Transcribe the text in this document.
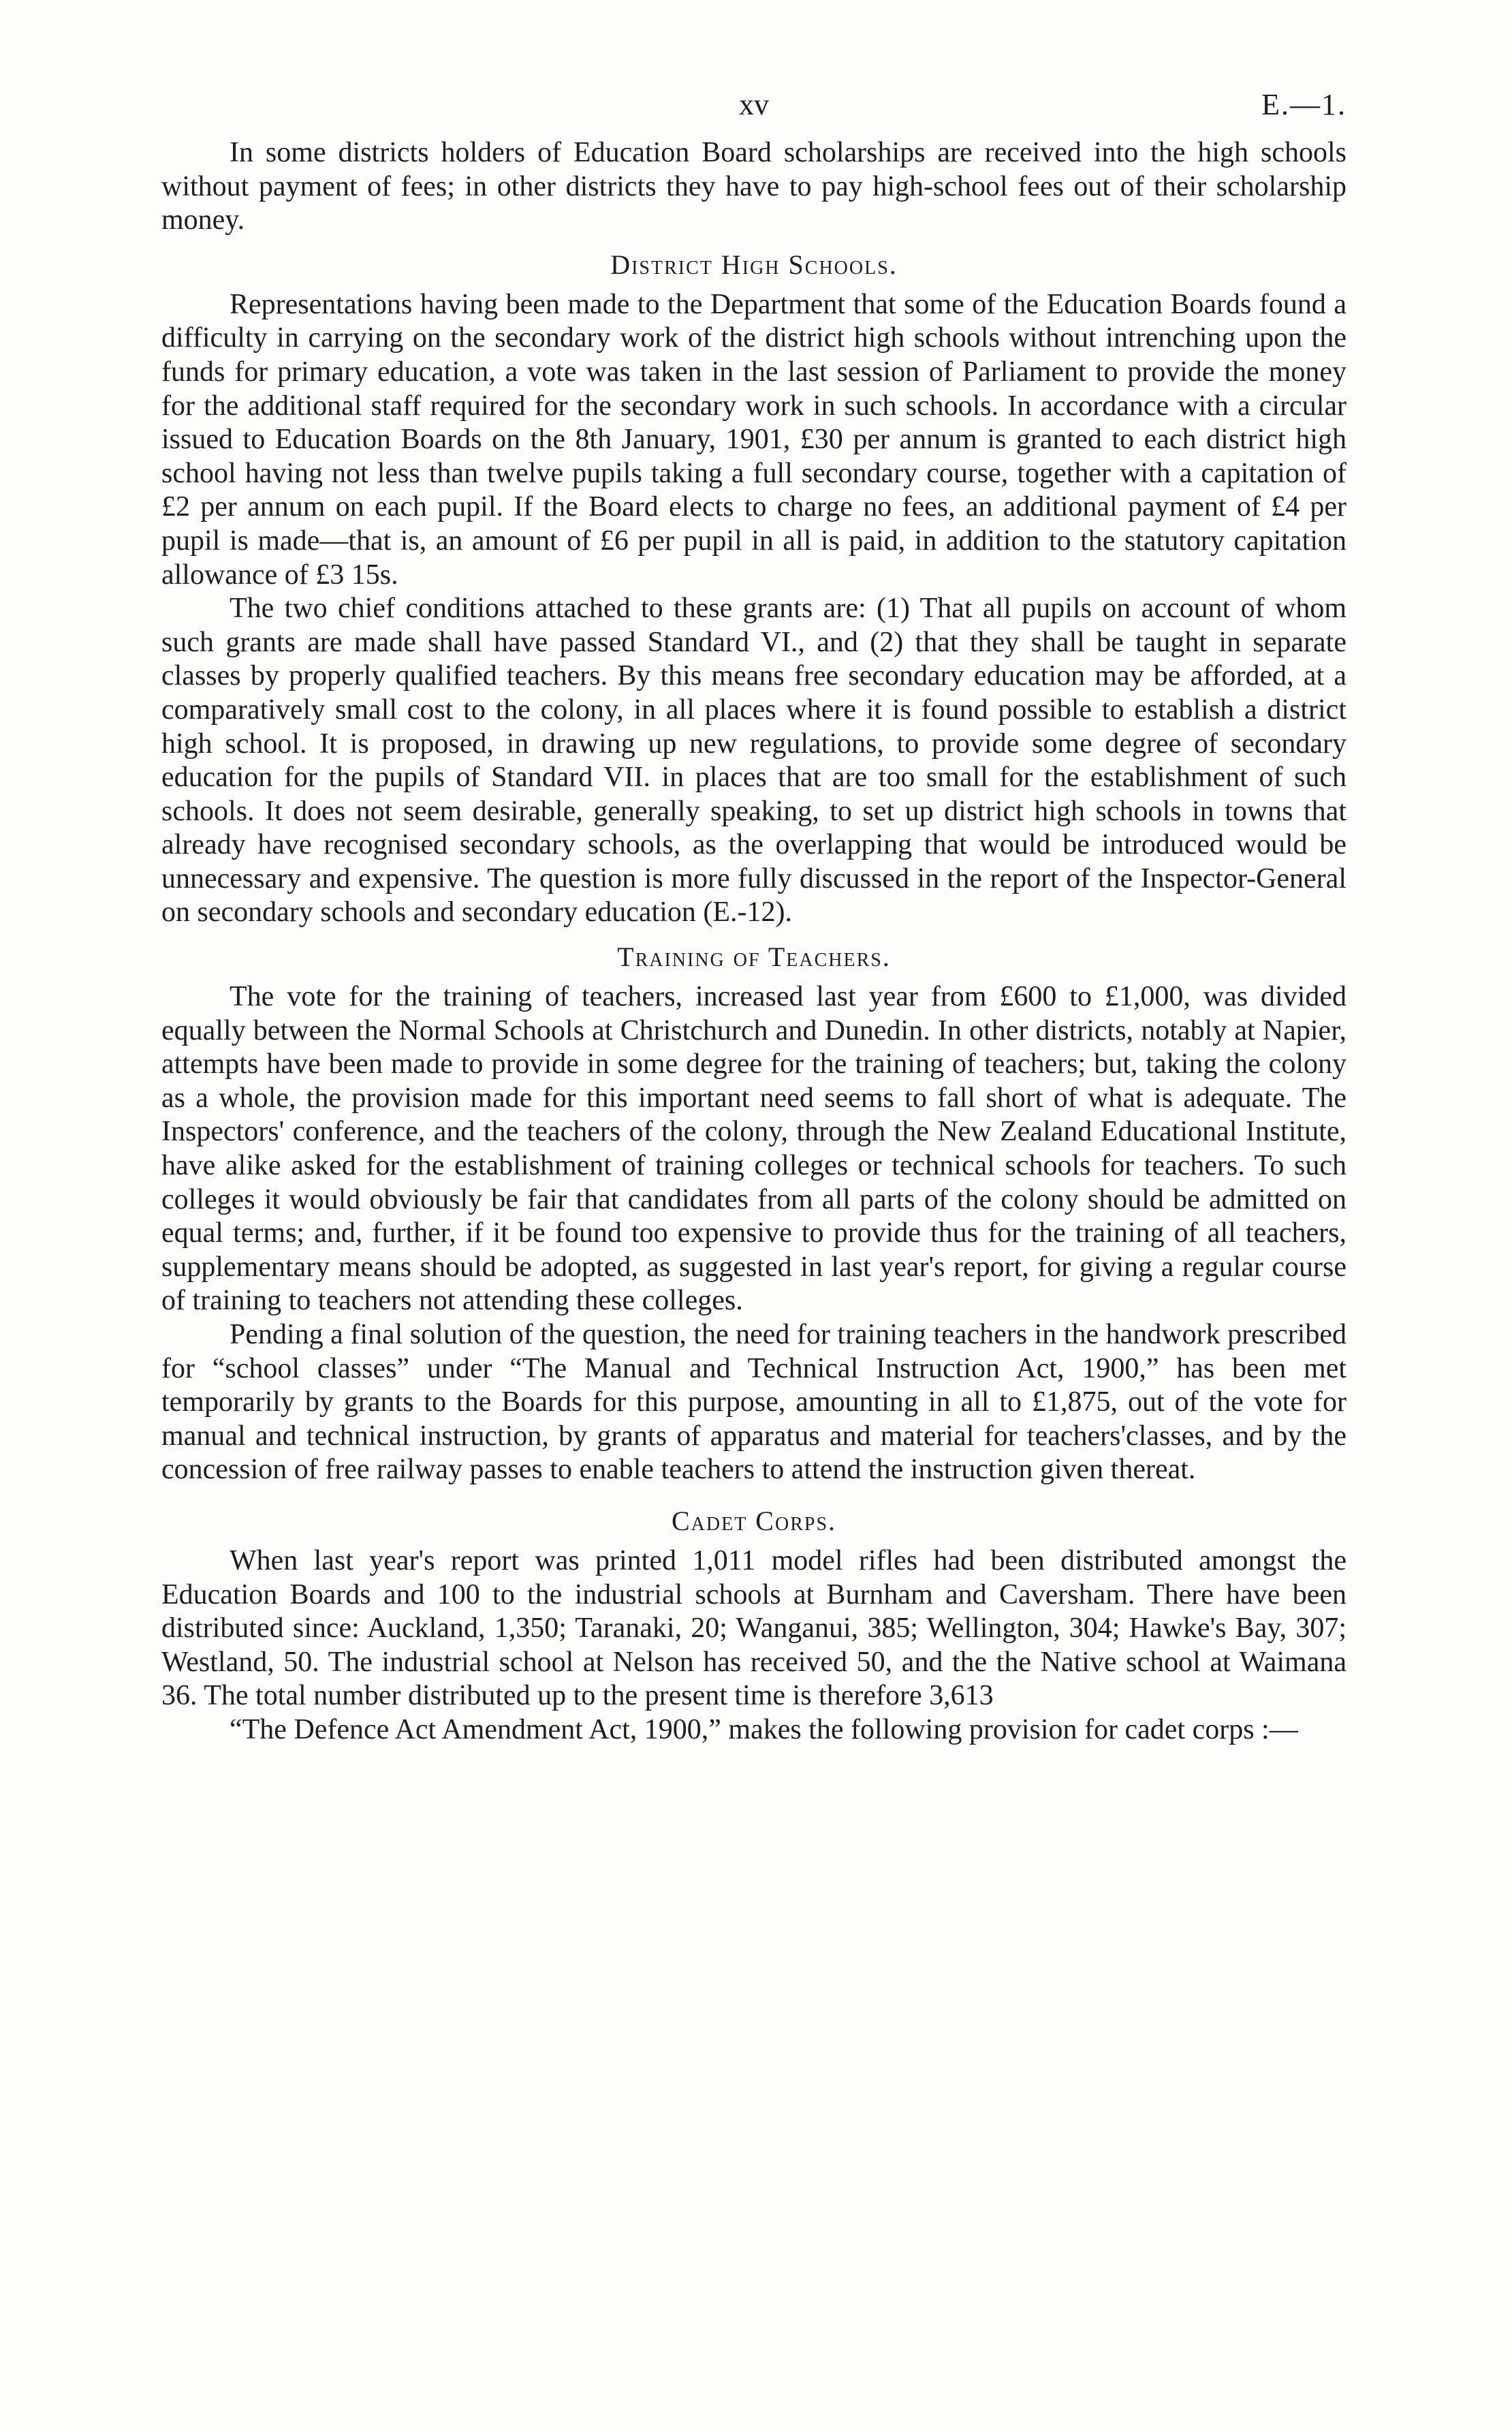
xv	E.—1.

In some districts holders of Education Board scholarships are received into the high schools without payment of fees; in other districts they have to pay high-school fees out of their scholarship money.

District High Schools.

Representations having been made to the Department that some of the Education Boards found a difficulty in carrying on the secondary work of the district high schools without intrenching upon the funds for primary education, a vote was taken in the last session of Parliament to provide the money for the additional staff required for the secondary work in such schools. In accordance with a circular issued to Education Boards on the 8th January, 1901, £30 per annum is granted to each district high school having not less than twelve pupils taking a full secondary course, together with a capitation of £2 per annum on each pupil. If the Board elects to charge no fees, an additional payment of £4 per pupil is made—that is, an amount of £6 per pupil in all is paid, in addition to the statutory capitation allowance of £3 15s.

The two chief conditions attached to these grants are: (1) That all pupils on account of whom such grants are made shall have passed Standard VI., and (2) that they shall be taught in separate classes by properly qualified teachers. By this means free secondary education may be afforded, at a comparatively small cost to the colony, in all places where it is found possible to establish a district high school. It is proposed, in drawing up new regulations, to provide some degree of secondary education for the pupils of Standard VII. in places that are too small for the establishment of such schools. It does not seem desirable, generally speaking, to set up district high schools in towns that already have recognised secondary schools, as the overlapping that would be introduced would be unnecessary and expensive. The question is more fully discussed in the report of the Inspector-General on secondary schools and secondary education (E.-12).

Training of Teachers.

The vote for the training of teachers, increased last year from £600 to £1,000, was divided equally between the Normal Schools at Christchurch and Dunedin. In other districts, notably at Napier, attempts have been made to provide in some degree for the training of teachers; but, taking the colony as a whole, the provision made for this important need seems to fall short of what is adequate. The Inspectors' conference, and the teachers of the colony, through the New Zealand Educational Institute, have alike asked for the establishment of training colleges or technical schools for teachers. To such colleges it would obviously be fair that candidates from all parts of the colony should be admitted on equal terms; and, further, if it be found too expensive to provide thus for the training of all teachers, supplementary means should be adopted, as suggested in last year's report, for giving a regular course of training to teachers not attending these colleges.

Pending a final solution of the question, the need for training teachers in the handwork prescribed for “school classes” under “The Manual and Technical Instruction Act, 1900,” has been met temporarily by grants to the Boards for this purpose, amounting in all to £1,875, out of the vote for manual and technical instruction, by grants of apparatus and material for teachers'classes, and by the concession of free railway passes to enable teachers to attend the instruction given thereat.

Cadet Corps.

When last year's report was printed 1,011 model rifles had been distributed amongst the Education Boards and 100 to the industrial schools at Burnham and Caversham. There have been distributed since: Auckland, 1,350; Taranaki, 20; Wanganui, 385; Wellington, 304; Hawke's Bay, 307; Westland, 50. The industrial school at Nelson has received 50, and the the Native school at Waimana 36. The total number distributed up to the present time is therefore 3,613

“The Defence Act Amendment Act, 1900,” makes the following provision for cadet corps :—
